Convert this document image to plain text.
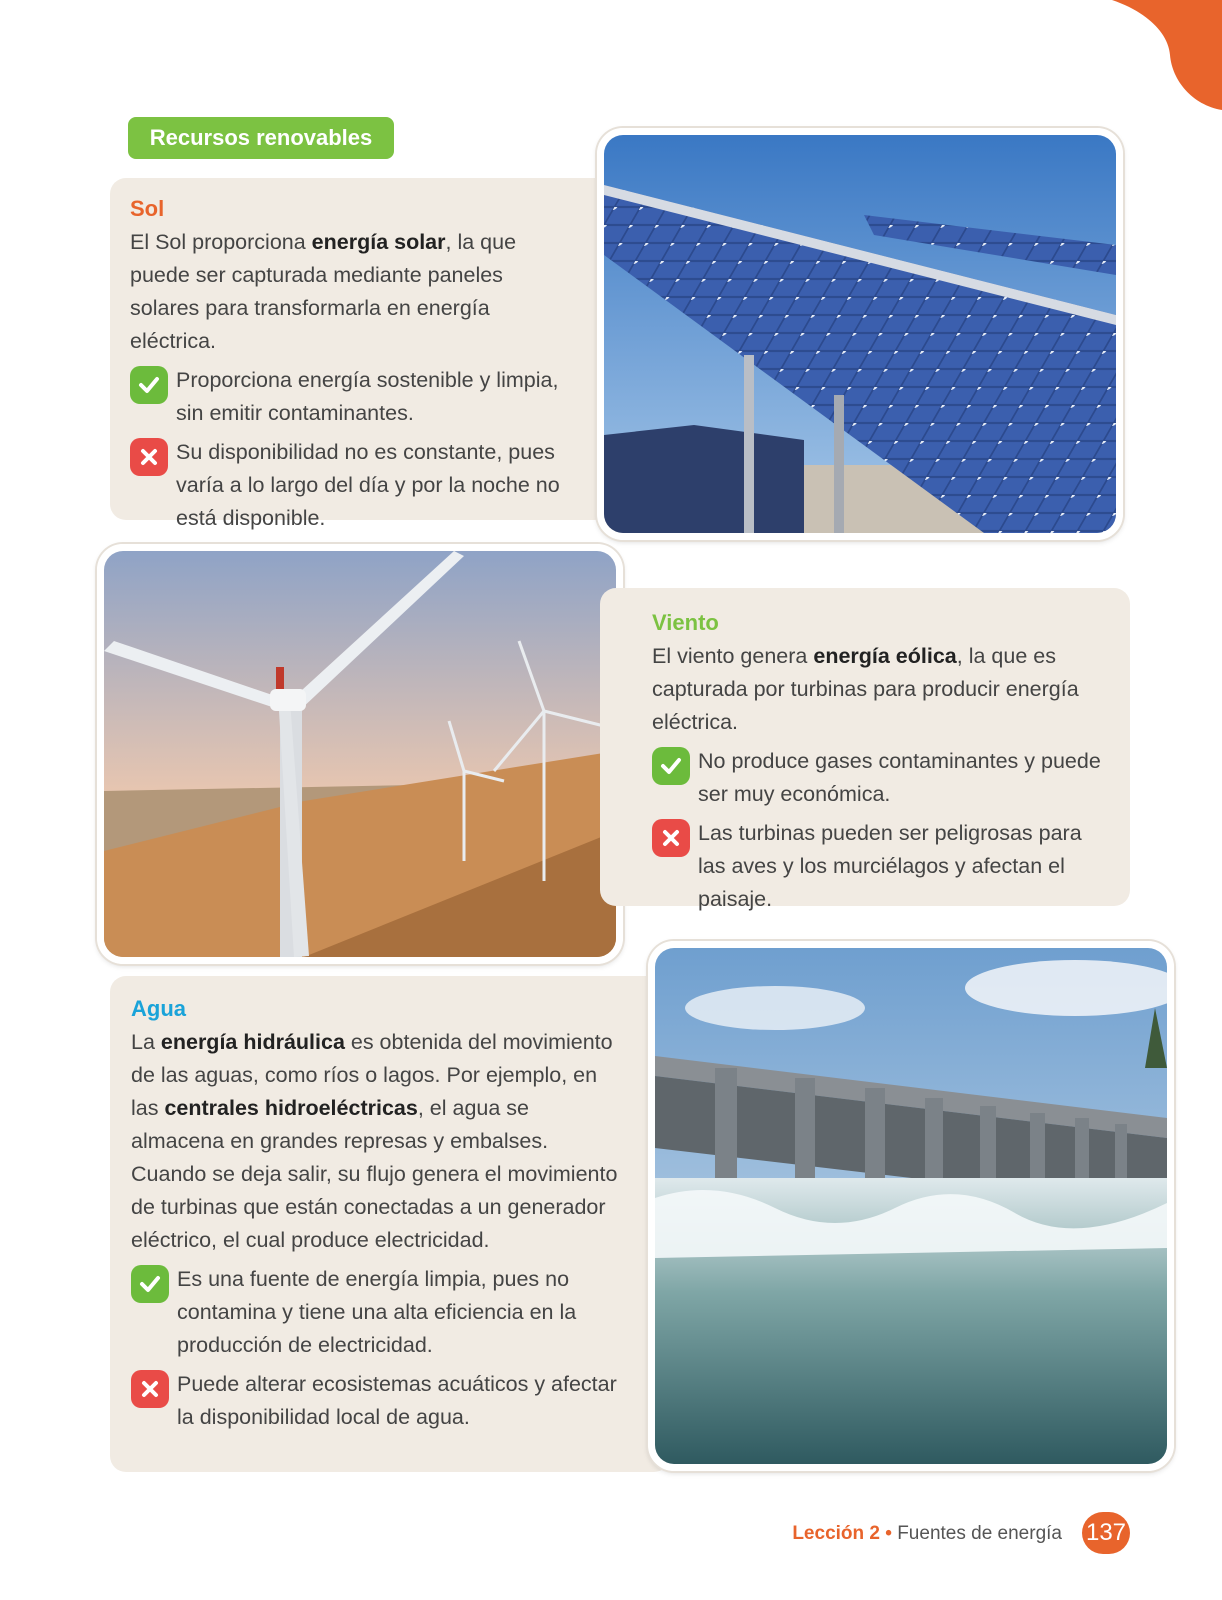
Recursos renovables
Sol
El Sol proporciona energía solar, la que puede ser capturada mediante paneles solares para transformarla en energía eléctrica.
Proporciona energía sostenible y limpia, sin emitir contaminantes.
Su disponibilidad no es constante, pues varía a lo largo del día y por la noche no está disponible.
Viento
El viento genera energía eólica, la que es capturada por turbinas para producir energía eléctrica.
No produce gases contaminantes y puede ser muy económica.
Las turbinas pueden ser peligrosas para las aves y los murciélagos y afectan el paisaje.
Agua
La energía hidráulica es obtenida del movimiento de las aguas, como ríos o lagos. Por ejemplo, en las centrales hidroeléctricas, el agua se almacena en grandes represas y embalses. Cuando se deja salir, su flujo genera el movimiento de turbinas que están conectadas a un generador eléctrico, el cual produce electricidad.
Es una fuente de energía limpia, pues no contamina y tiene una alta eficiencia en la producción de electricidad.
Puede alterar ecosistemas acuáticos y afectar la disponibilidad local de agua.
Lección 2 • Fuentes de energía 137
